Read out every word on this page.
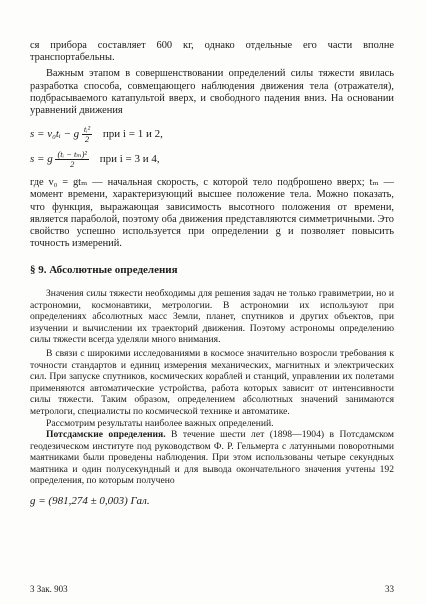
ся прибора составляет 600 кг, однако отдельные его части вполне транспортабельны.

Важным этапом в совершенствовании определений силы тяжести явилась разработка способа, совмещающего наблюдения движения тела (отражателя), подбрасываемого катапультой вверх, и свободного падения вниз. На основании уравнений движения

s = v₀tᵢ − g $\frac{\text{tᵢ²}}{2}$ при i = 1 и 2,
s = g $\frac{\text{(tᵢ − tₘ)²}}{2}$ при i = 3 и 4,

где v₀ = gtₘ — начальная скорость, с которой тело подброшено вверх; tₘ — момент времени, характеризующий высшее положение тела. Можно показать, что функция, выражающая зависимость высотного положения от времени, является параболой, поэтому оба движения представляются симметричными. Это свойство успешно используется при определении g и позволяет повысить точность измерений.

§ 9. Абсолютные определения

Значения силы тяжести необходимы для решения задач не только гравиметрии, но и астрономии, космонавтики, метрологии. В астрономии их используют при определениях абсолютных масс Земли, планет, спутников и других объектов, при изучении и вычислении их траекторий движения. Поэтому астрономы определению силы тяжести всегда уделяли много внимания.

В связи с широкими исследованиями в космосе значительно возросли требования к точности стандартов и единиц измерения механических, магнитных и электрических сил. При запуске спутников, космических кораблей и станций, управлении их полетами применяются автоматические устройства, работа которых зависит от интенсивности силы тяжести. Таким образом, определением абсолютных значений занимаются метрологи, специалисты по космической технике и автоматике.

Рассмотрим результаты наиболее важных определений.

Потсдамские определения. В течение шести лет (1898—1904) в Потсдамском геодезическом институте под руководством Ф. Р. Гельмерта с латунными поворотными маятниками были проведены наблюдения. При этом использованы четыре секундных маятника и один полусекундный и для вывода окончательного значения учтены 192 определения, по которым получено

g = (981,274 ± 0,003) Гал.

3 Зак. 903	33
